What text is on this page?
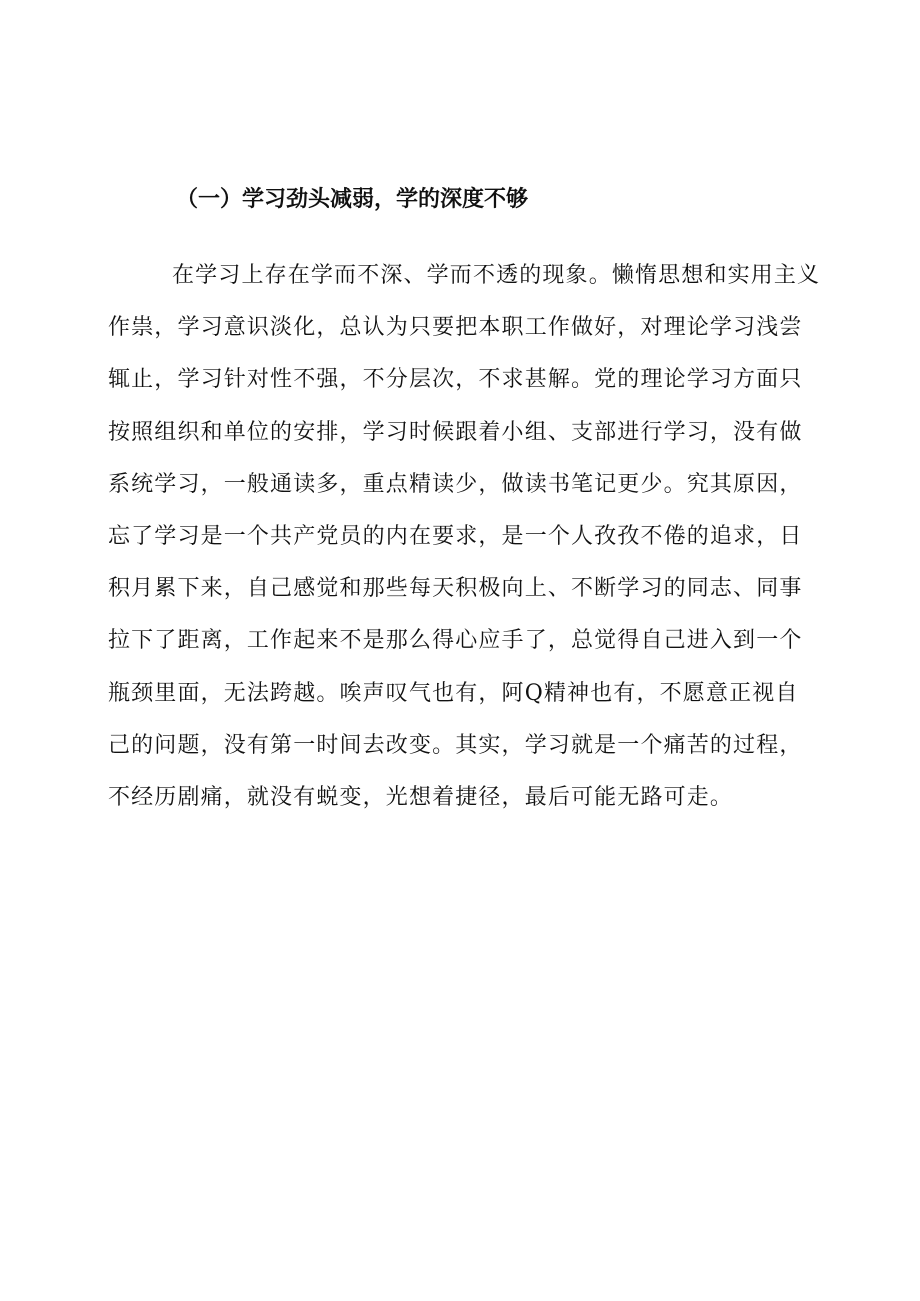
（一）学习劲头减弱，学的深度不够
在学习上存在学而不深、学而不透的现象。懒惰思想和实用主义
作祟，学习意识淡化，总认为只要把本职工作做好，对理论学习浅尝
辄止，学习针对性不强，不分层次，不求甚解。党的理论学习方面只
按照组织和单位的安排，学习时候跟着小组、支部进行学习，没有做
系统学习，一般通读多，重点精读少，做读书笔记更少。究其原因，
忘了学习是一个共产党员的内在要求，是一个人孜孜不倦的追求，日
积月累下来，自己感觉和那些每天积极向上、不断学习的同志、同事
拉下了距离，工作起来不是那么得心应手了，总觉得自己进入到一个
瓶颈里面，无法跨越。唉声叹气也有，阿Q精神也有，不愿意正视自
己的问题，没有第一时间去改变。其实，学习就是一个痛苦的过程，
不经历剧痛，就没有蜕变，光想着捷径，最后可能无路可走。
